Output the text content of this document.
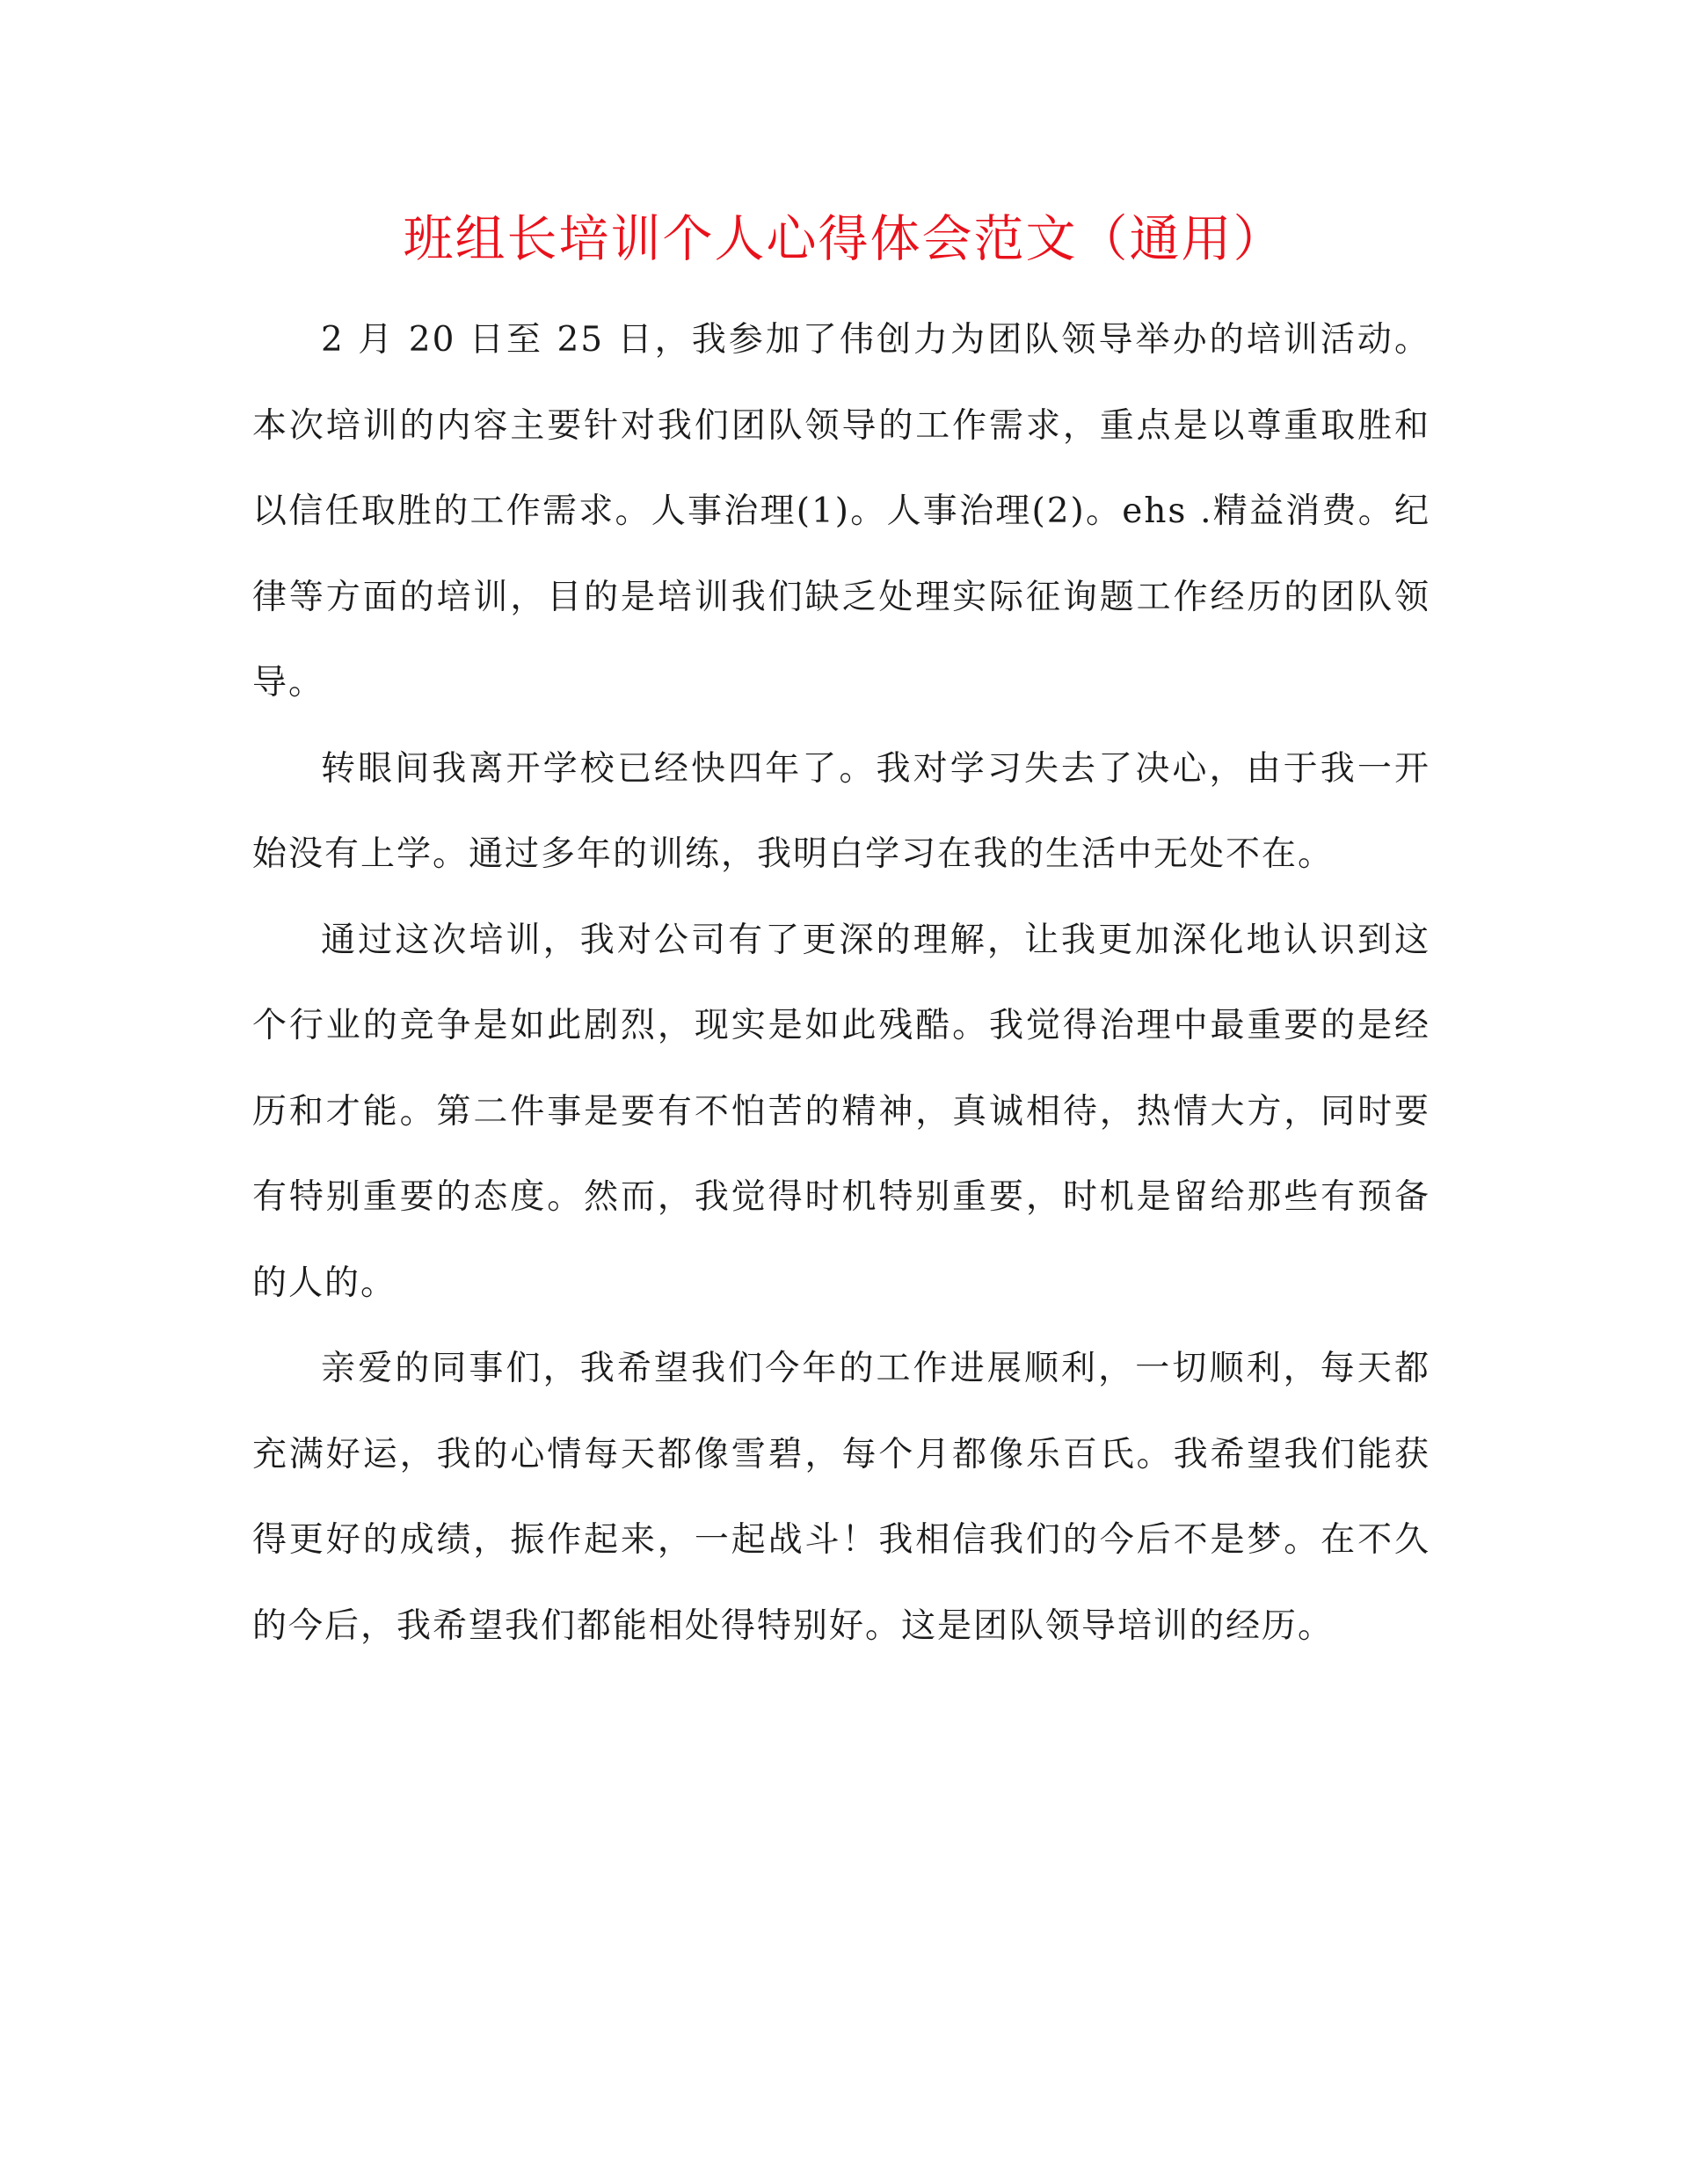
班组长培训个人心得体会范文（通用）

2 月 20 日至 25 日，我参加了伟创力为团队领导举办的培训活动。本次培训的内容主要针对我们团队领导的工作需求，重点是以尊重取胜和以信任取胜的工作需求。人事治理(1)。人事治理(2)。ehs .精益消费。纪律等方面的培训，目的是培训我们缺乏处理实际征询题工作经历的团队领导。

转眼间我离开学校已经快四年了。我对学习失去了决心，由于我一开始没有上学。通过多年的训练，我明白学习在我的生活中无处不在。

通过这次培训，我对公司有了更深的理解，让我更加深化地认识到这个行业的竞争是如此剧烈，现实是如此残酷。我觉得治理中最重要的是经历和才能。第二件事是要有不怕苦的精神，真诚相待，热情大方，同时要有特别重要的态度。然而，我觉得时机特别重要，时机是留给那些有预备的人的。

亲爱的同事们，我希望我们今年的工作进展顺利，一切顺利，每天都充满好运，我的心情每天都像雪碧，每个月都像乐百氏。我希望我们能获得更好的成绩，振作起来，一起战斗！我相信我们的今后不是梦。在不久的今后，我希望我们都能相处得特别好。这是团队领导培训的经历。
